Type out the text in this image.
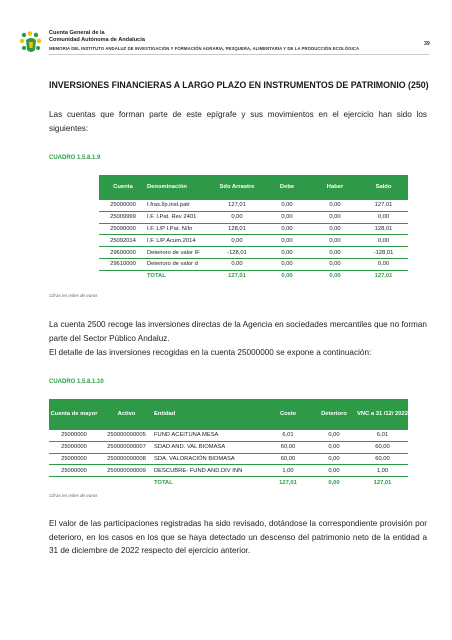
Cuenta General de la
Comunidad Autónoma de Andalucía
MEMORIA DEL INSTITUTO ANDALUZ DE INVESTIGACIÓN Y FORMACIÓN AGRARIA, PESQUERA, ALIMENTARIA Y DE LA PRODUCCIÓN ECOLÓGICA
39
INVERSIONES FINANCIERAS A LARGO PLAZO EN INSTRUMENTOS DE PATRIMONIO (250)
Las cuentas que forman parte de este epígrafe y sus movimientos en el ejercicio han sido los siguientes:
CUADRO 1.5.8.1.9
Cuenta	Denominación	Sdo Arrastre	Debe	Haber	Saldo
25000000	I.fras.l/p.inst.patr	127,01	0,00	0,00	127,01
25009999	I.F. I.Pat. Rev 2401	0,00	0,00	0,00	0,00
25090000	I.F. L/P I.Pat. N/In	128,01	0,00	0,00	128,01
25092014	I.F. L/P Acum.2014	0,00	0,00	0,00	0,00
29600000	Deterioro de valor IF	-128,01	0,00	0,00	-128,01
29610000	Deterioro de valor d	0,00	0,00	0,00	0,00
	TOTAL	127,01	0,00	0,00	127,01
Cifras en miles de euros
La cuenta 2500 recoge las inversiones directas de la Agencia en sociedades mercantiles que no forman parte del Sector Público Andaluz.
El detalle de las inversiones recogidas en la cuenta 25000000 se expone a continuación:
CUADRO 1.5.8.1.10
Cuenta de mayor	Activo	Entidad	Coste	Deterioro	VNC a 31 /12/ 2022
25000000	250000000005	FUND ACEITUNA MESA	6,01	0,00	6,01
25000000	250000000007	SDAD AND. VAL BIOMASA	60,00	0,00	60,00
25000000	250000000008	SDA. VALORACIÓN BIOMASA	60,00	0,00	60,00
25000000	250000000009	DESCUBRE- FUND AND.DIV INN	1,00	0,00	1,00
		TOTAL	127,01	0,00	127,01
Cifras en miles de euros
El valor de las participaciones registradas ha sido revisado, dotándose la correspondiente provisión por deterioro, en los casos en los que se haya detectado un descenso del patrimonio neto de la entidad a 31 de diciembre de 2022 respecto del ejercicio anterior.
